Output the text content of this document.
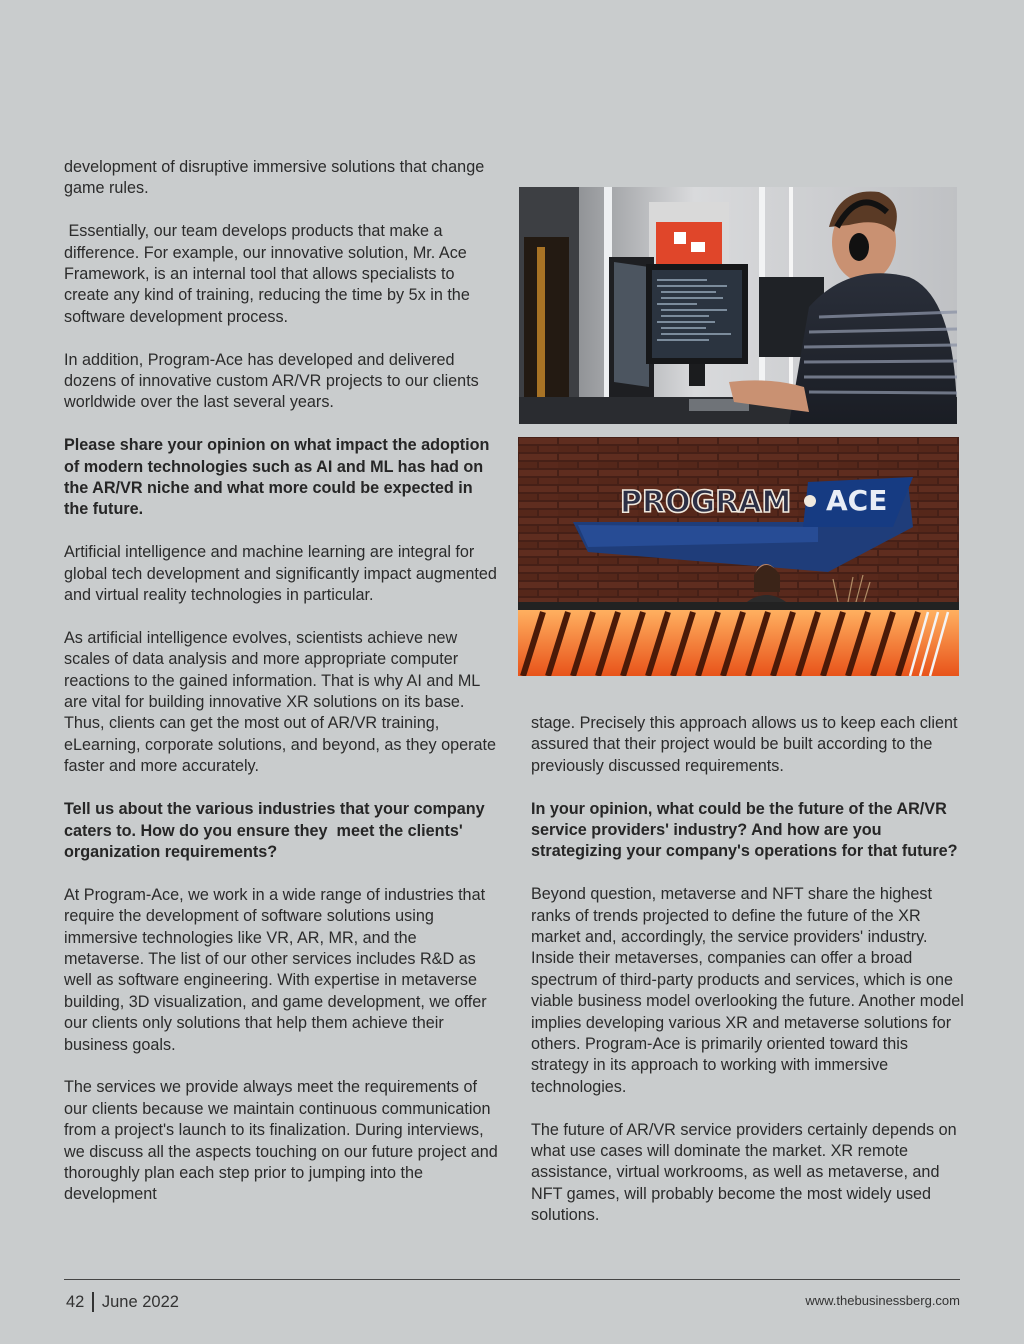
development of disruptive immersive solutions that change game rules.

Essentially, our team develops products that make a difference. For example, our innovative solution, Mr. Ace Framework, is an internal tool that allows specialists to create any kind of training, reducing the time by 5x in the software development process.

In addition, Program-Ace has developed and delivered dozens of innovative custom AR/VR projects to our clients worldwide over the last several years.

Please share your opinion on what impact the adoption of modern technologies such as AI and ML has had on the AR/VR niche and what more could be expected in the future.

Artificial intelligence and machine learning are integral for global tech development and significantly impact augmented and virtual reality technologies in particular.

As artificial intelligence evolves, scientists achieve new scales of data analysis and more appropriate computer reactions to the gained information. That is why AI and ML are vital for building innovative XR solutions on its base. Thus, clients can get the most out of AR/VR training, eLearning, corporate solutions, and beyond, as they operate faster and more accurately.

Tell us about the various industries that your company caters to. How do you ensure they  meet the clients' organization requirements?

At Program-Ace, we work in a wide range of industries that require the development of software solutions using immersive technologies like VR, AR, MR, and the metaverse. The list of our other services includes R&D as well as software engineering. With expertise in metaverse building, 3D visualization, and game development, we offer our clients only solutions that help them achieve their business goals.

The services we provide always meet the requirements of our clients because we maintain continuous communication from a project's launch to its finalization. During interviews, we discuss all the aspects touching on our future project and thoroughly plan each step prior to jumping into the development

PROGRAM ACE

stage. Precisely this approach allows us to keep each client assured that their project would be built according to the previously discussed requirements.

In your opinion, what could be the future of the AR/VR service providers' industry? And how are you strategizing your company's operations for that future?

Beyond question, metaverse and NFT share the highest ranks of trends projected to define the future of the XR market and, accordingly, the service providers' industry. Inside their metaverses, companies can offer a broad spectrum of third-party products and services, which is one viable business model overlooking the future. Another model implies developing various XR and metaverse solutions for others. Program-Ace is primarily oriented toward this strategy in its approach to working with immersive technologies.

The future of AR/VR service providers certainly depends on what use cases will dominate the market. XR remote assistance, virtual workrooms, as well as metaverse, and NFT games, will probably become the most widely used solutions.

42 June 2022	www.thebusinessberg.com
